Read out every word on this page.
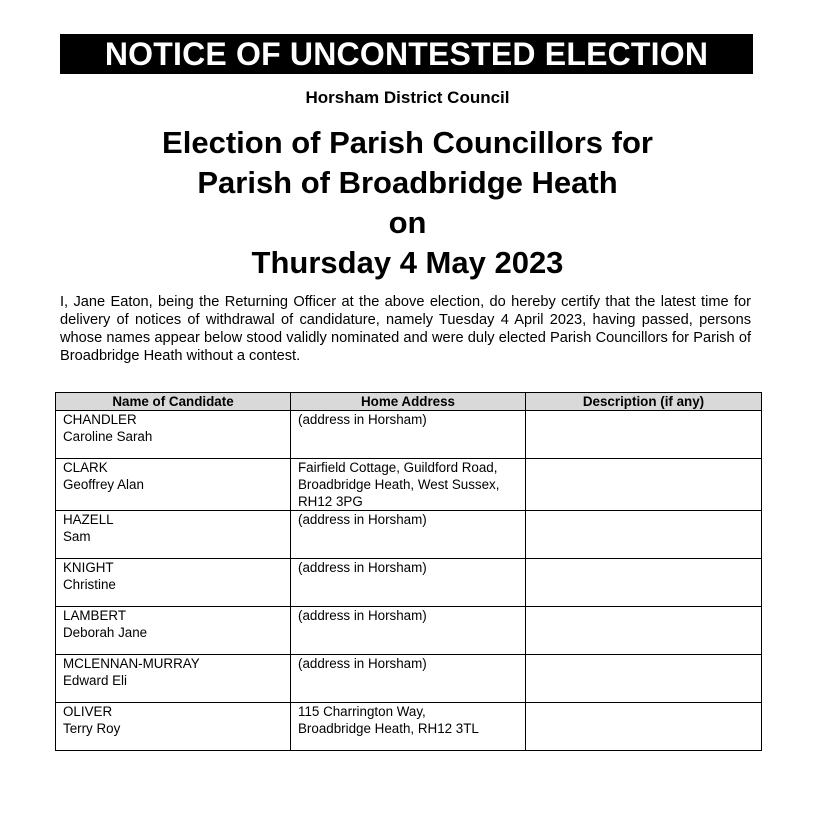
NOTICE OF UNCONTESTED ELECTION
Horsham District Council
Election of Parish Councillors for
Parish of Broadbridge Heath
on
Thursday 4 May 2023
I, Jane Eaton, being the Returning Officer at the above election, do hereby certify that the latest time for delivery of notices of withdrawal of candidature, namely Tuesday 4 April 2023, having passed, persons whose names appear below stood validly nominated and were duly elected Parish Councillors for Parish of Broadbridge Heath without a contest.
Name of Candidate	Home Address	Description (if any)

CHANDLER
Caroline Sarah	(address in Horsham)	

CLARK
Geoffrey Alan	Fairfield Cottage, Guildford Road,
Broadbridge Heath, West Sussex,
RH12 3PG	

HAZELL
Sam	(address in Horsham)	

KNIGHT
Christine	(address in Horsham)	

LAMBERT
Deborah Jane	(address in Horsham)	

MCLENNAN-MURRAY
Edward Eli	(address in Horsham)	

OLIVER
Terry Roy	115 Charrington Way,
Broadbridge Heath, RH12 3TL	
